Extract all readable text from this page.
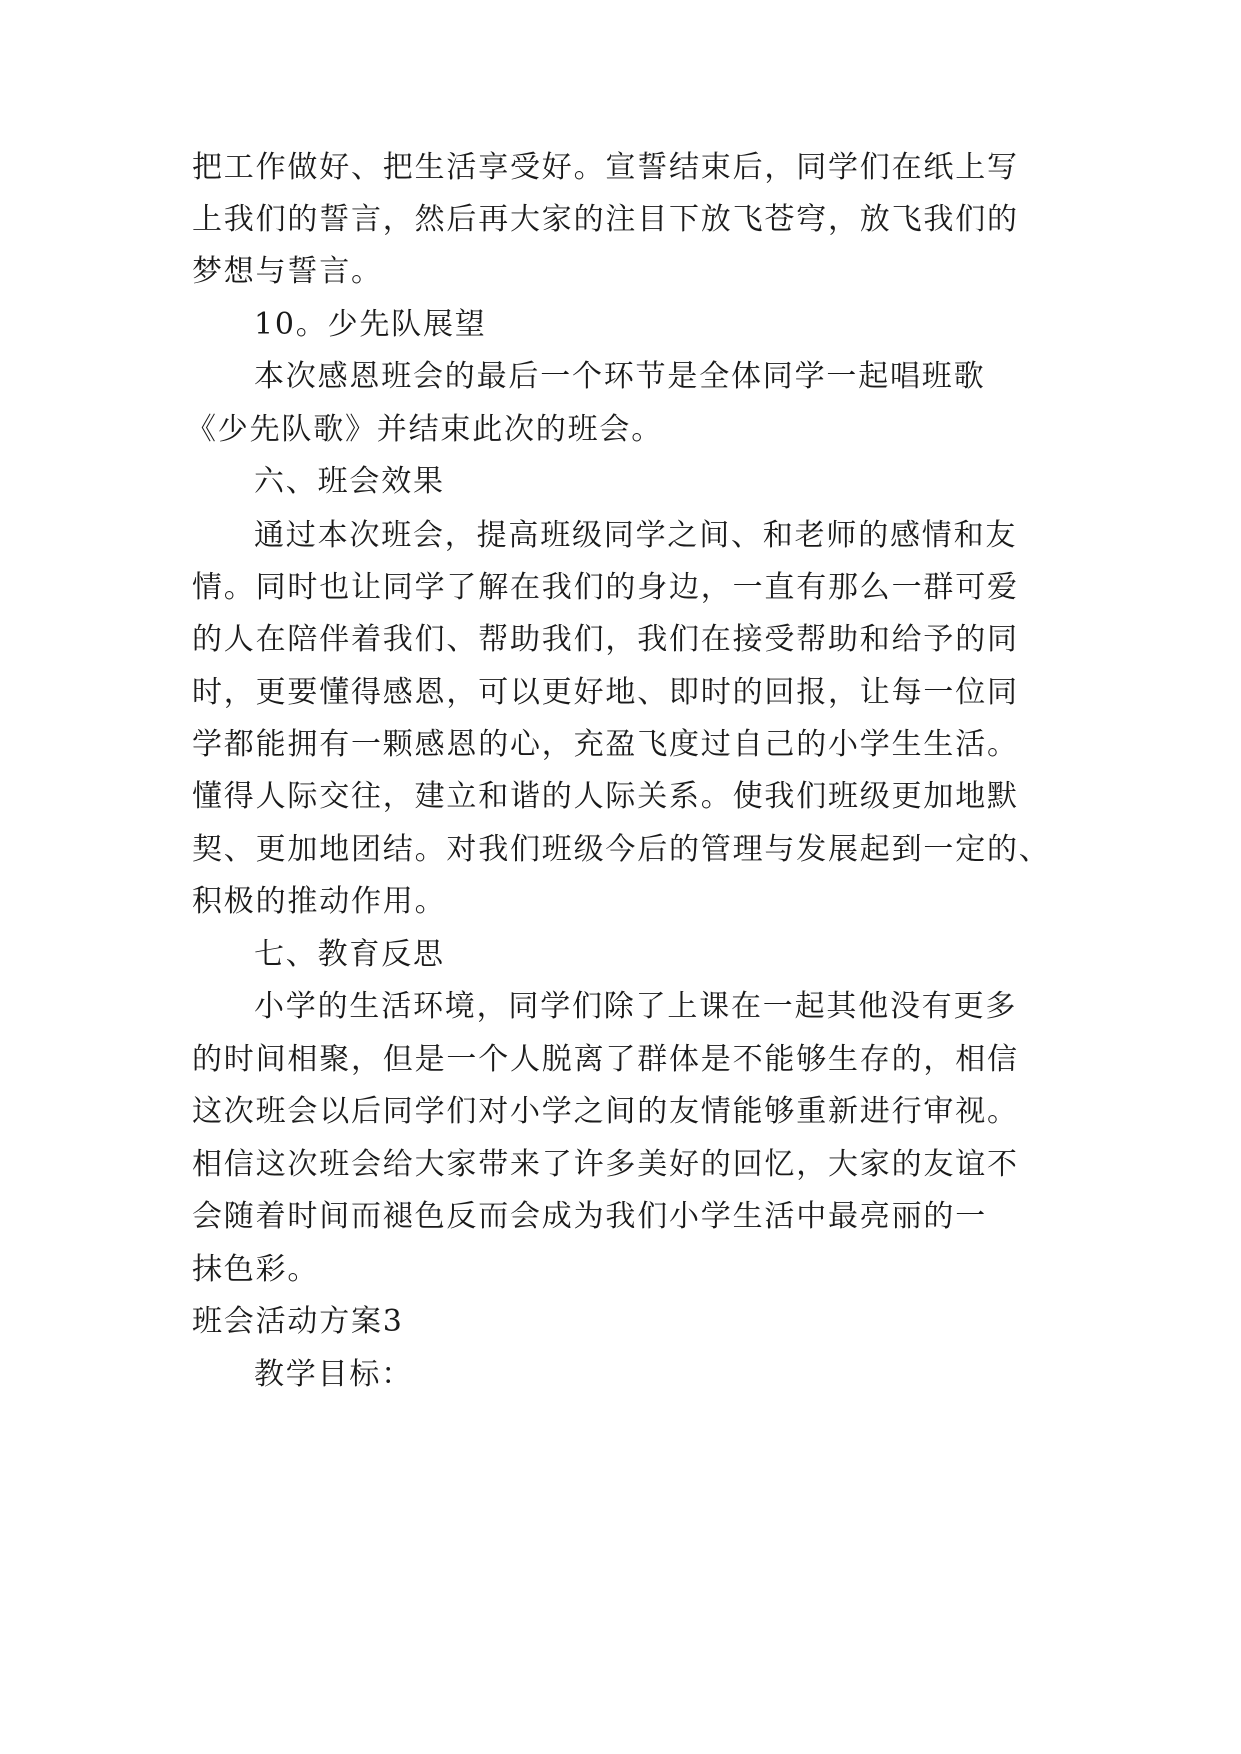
把工作做好、把生活享受好。宣誓结束后，同学们在纸上写
上我们的誓言，然后再大家的注目下放飞苍穹，放飞我们的
梦想与誓言。
10。少先队展望
本次感恩班会的最后一个环节是全体同学一起唱班歌
《少先队歌》并结束此次的班会。
六、班会效果
通过本次班会，提高班级同学之间、和老师的感情和友
情。同时也让同学了解在我们的身边，一直有那么一群可爱
的人在陪伴着我们、帮助我们，我们在接受帮助和给予的同
时，更要懂得感恩，可以更好地、即时的回报，让每一位同
学都能拥有一颗感恩的心，充盈飞度过自己的小学生生活。
懂得人际交往，建立和谐的人际关系。使我们班级更加地默
契、更加地团结。对我们班级今后的管理与发展起到一定的、
积极的推动作用。
七、教育反思
小学的生活环境，同学们除了上课在一起其他没有更多
的时间相聚，但是一个人脱离了群体是不能够生存的，相信
这次班会以后同学们对小学之间的友情能够重新进行审视。
相信这次班会给大家带来了许多美好的回忆，大家的友谊不
会随着时间而褪色反而会成为我们小学生活中最亮丽的一
抹色彩。
班会活动方案3
教学目标：
